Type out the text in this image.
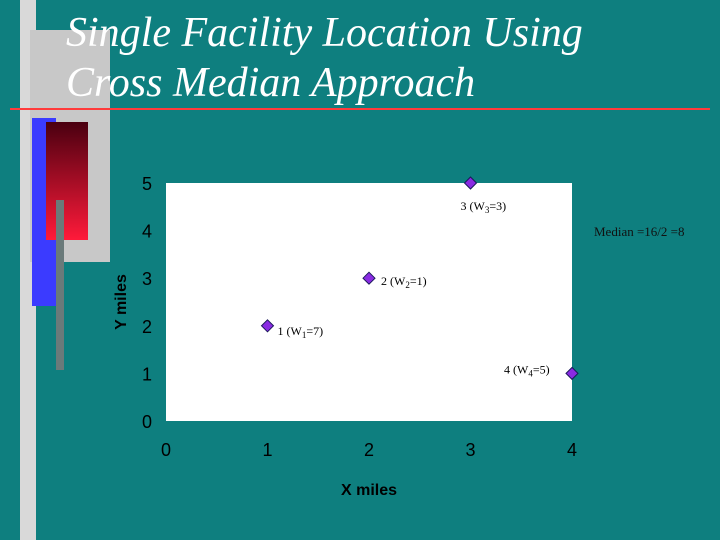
Single Facility Location Using
Cross Median Approach
0
1
2
3
4
5
0	1	2	3	4
X miles
Y miles
1 $(W_1=7)$
2 $(W_2=1)$
3 $(W_3=3)$
4 $(W_4=5)$
Median =16/2 =8
